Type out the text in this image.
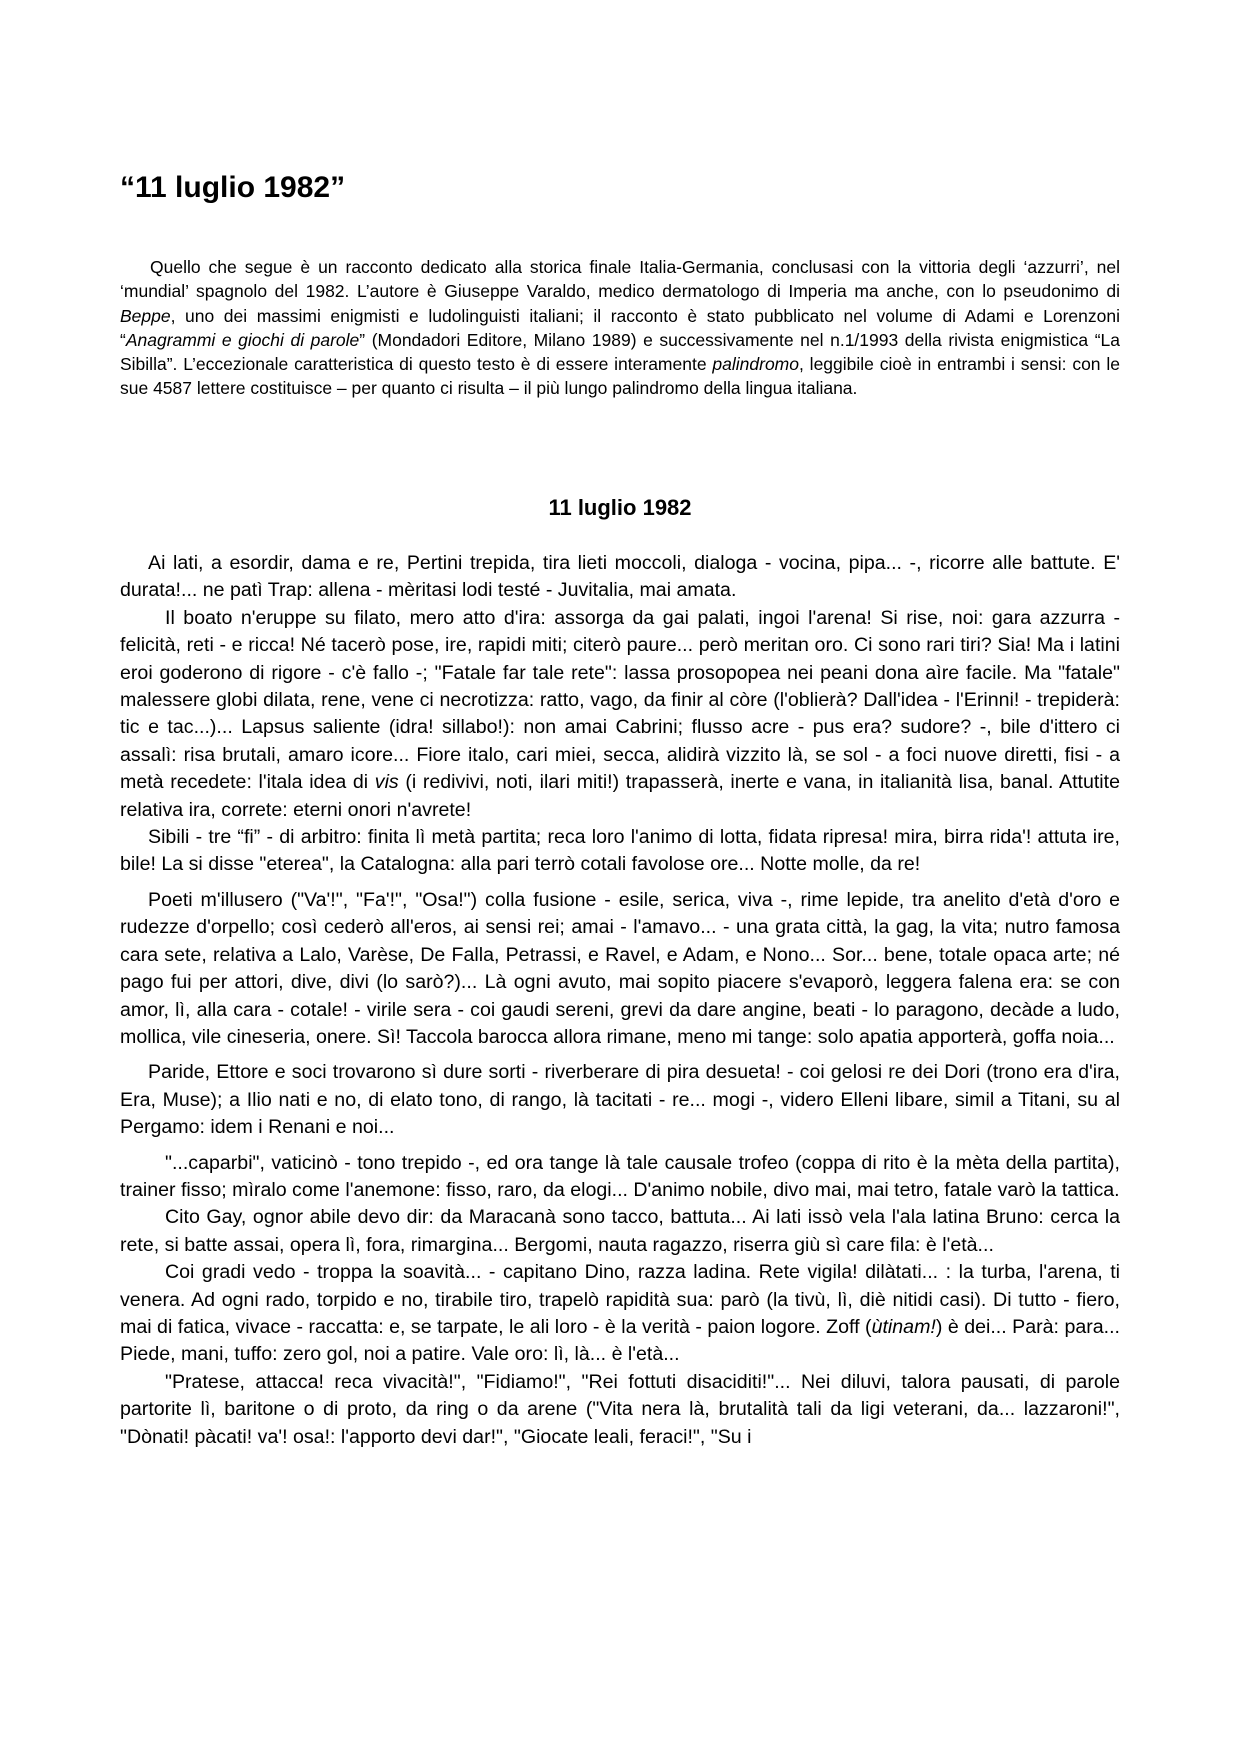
“11 luglio 1982”

Quello che segue è un racconto dedicato alla storica finale Italia-Germania, conclusasi con la vittoria degli ‘azzurri’, nel ‘mundial’ spagnolo del 1982. L’autore è Giuseppe Varaldo, medico dermatologo di Imperia ma anche, con lo pseudonimo di Beppe, uno dei massimi enigmisti e ludolinguisti italiani; il racconto è stato pubblicato nel volume di Adami e Lorenzoni “Anagrammi e giochi di parole” (Mondadori Editore, Milano 1989) e successivamente nel n.1/1993 della rivista enigmistica “La Sibilla”. L’eccezionale caratteristica di questo testo è di essere interamente palindromo, leggibile cioè in entrambi i sensi: con le sue 4587 lettere costituisce – per quanto ci risulta – il più lungo palindromo della lingua italiana.

11 luglio 1982

Ai lati, a esordir, dama e re, Pertini trepida, tira lieti moccoli, dialoga - vocina, pipa... -, ricorre alle battute. E' durata!... ne patì Trap: allena - mèritasi lodi testé - Juvitalia, mai amata.

Il boato n'eruppe su filato, mero atto d'ira: assorga da gai palati, ingoi l'arena! Si rise, noi: gara azzurra - felicità, reti - e ricca! Né tacerò pose, ire, rapidi miti; citerò paure... però meritan oro. Ci sono rari tiri? Sia! Ma i latini eroi goderono di rigore - c'è fallo -; "Fatale far tale rete": lassa prosopopea nei peani dona aìre facile. Ma "fatale" malessere globi dilata, rene, vene ci necrotizza: ratto, vago, da finir al còre (l'oblierà? Dall'idea - l'Erinni! - trepiderà: tic e tac...)... Lapsus saliente (idra! sillabo!): non amai Cabrini; flusso acre - pus era? sudore? -, bile d'ittero ci assalì: risa brutali, amaro icore... Fiore italo, cari miei, secca, alidirà vizzito là, se sol - a foci nuove diretti, fisi - a metà recedete: l'itala idea di vis (i redivivi, noti, ilari miti!) trapasserà, inerte e vana, in italianità lisa, banal. Attutite relativa ira, correte: eterni onori n'avrete!

Sibili - tre “fi” - di arbitro: finita lì metà partita; reca loro l'animo di lotta, fidata ripresa! mira, birra rida'! attuta ire, bile! La si disse "eterea", la Catalogna: alla pari terrò cotali favolose ore... Notte molle, da re!

Poeti m'illusero ("Va'!", "Fa'!", "Osa!") colla fusione - esile, serica, viva -, rime lepide, tra anelito d'età d'oro e rudezze d'orpello; così cederò all'eros, ai sensi rei; amai - l'amavo... - una grata città, la gag, la vita; nutro famosa cara sete, relativa a Lalo, Varèse, De Falla, Petrassi, e Ravel, e Adam, e Nono... Sor... bene, totale opaca arte; né pago fui per attori, dive, divi (lo sarò?)... Là ogni avuto, mai sopito piacere s'evaporò, leggera falena era: se con amor, lì, alla cara - cotale! - virile sera - coi gaudi sereni, grevi da dare angine, beati - lo paragono, decàde a ludo, mollica, vile cineseria, onere. Sì! Taccola barocca allora rimane, meno mi tange: solo apatia apporterà, goffa noia...

Paride, Ettore e soci trovarono sì dure sorti - riverberare di pira desueta! - coi gelosi re dei Dori (trono era d'ira, Era, Muse); a Ilio nati e no, di elato tono, di rango, là tacitati - re... mogi -, videro Elleni libare, simil a Titani, su al Pergamo: idem i Renani e noi...

"...caparbi", vaticinò - tono trepido -, ed ora tange là tale causale trofeo (coppa di rito è la mèta della partita), trainer fisso; mìralo come l'anemone: fisso, raro, da elogi... D'animo nobile, divo mai, mai tetro, fatale varò la tattica.

Cito Gay, ognor abile devo dir: da Maracanà sono tacco, battuta... Ai lati issò vela l'ala latina Bruno: cerca la rete, si batte assai, opera lì, fora, rimargina... Bergomi, nauta ragazzo, riserra giù sì care fila: è l'età...

Coi gradi vedo - troppa la soavità... - capitano Dino, razza ladina. Rete vigila! dilàtati... : la turba, l'arena, ti venera. Ad ogni rado, torpido e no, tirabile tiro, trapelò rapidità sua: parò (la tivù, lì, diè nitidi casi). Di tutto - fiero, mai di fatica, vivace - raccatta: e, se tarpate, le ali loro - è la verità - paion logore. Zoff (ùtinam!) è dei... Parà: para... Piede, mani, tuffo: zero gol, noi a patire. Vale oro: lì, là... è l'età...

"Pratese, attacca! reca vivacità!", "Fidiamo!", "Rei fottuti disaciditi!"... Nei diluvi, talora pausati, di parole partorite lì, baritone o di proto, da ring o da arene ("Vita nera là, brutalità tali da ligi veterani, da... lazzaroni!", "Dònati! pàcati! va'! osa!: l'apporto devi dar!", "Giocate leali, feraci!", "Su i
